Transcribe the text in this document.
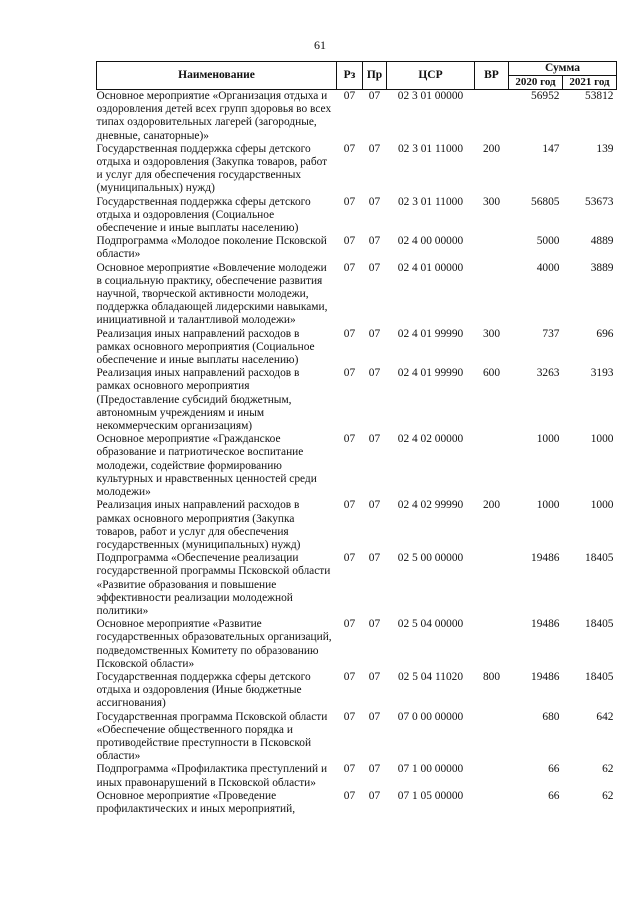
61
Наименование	Рз	Пр	ЦСР	ВР	Сумма	
					2020 год	2021 год
Основное мероприятие «Организация отдыха и оздоровления детей всех групп здоровья во всех типах оздоровительных лагерей (загородные, дневные, санаторные)»	07	07	02 3 01 00000		56952	53812
Государственная поддержка сферы детского отдыха и оздоровления (Закупка товаров, работ и услуг для обеспечения государственных (муниципальных) нужд)	07	07	02 3 01 11000	200	147	139
Государственная поддержка сферы детского отдыха и оздоровления (Социальное обеспечение и иные выплаты населению)	07	07	02 3 01 11000	300	56805	53673
Подпрограмма «Молодое поколение Псковской области»	07	07	02 4 00 00000		5000	4889
Основное мероприятие «Вовлечение молодежи в социальную практику, обеспечение развития научной, творческой активности молодежи, поддержка обладающей лидерскими навыками, инициативной и талантливой молодежи»	07	07	02 4 01 00000		4000	3889
Реализация иных направлений расходов в рамках основного мероприятия (Социальное обеспечение и иные выплаты населению)	07	07	02 4 01 99990	300	737	696
Реализация иных направлений расходов в рамках основного мероприятия (Предоставление субсидий бюджетным, автономным учреждениям и иным некоммерческим организациям)	07	07	02 4 01 99990	600	3263	3193
Основное мероприятие «Гражданское образование и патриотическое воспитание молодежи, содействие формированию культурных и нравственных ценностей среди молодежи»	07	07	02 4 02 00000		1000	1000
Реализация иных направлений расходов в рамках основного мероприятия (Закупка товаров, работ и услуг для обеспечения государственных (муниципальных) нужд)	07	07	02 4 02 99990	200	1000	1000
Подпрограмма «Обеспечение реализации государственной программы Псковской области «Развитие образования и повышение эффективности реализации молодежной политики»	07	07	02 5 00 00000		19486	18405
Основное мероприятие «Развитие государственных образовательных организаций, подведомственных Комитету по образованию Псковской области»	07	07	02 5 04 00000		19486	18405
Государственная поддержка сферы детского отдыха и оздоровления (Иные бюджетные ассигнования)	07	07	02 5 04 11020	800	19486	18405
Государственная программа Псковской области «Обеспечение общественного порядка и противодействие преступности в Псковской области»	07	07	07 0 00 00000		680	642
Подпрограмма «Профилактика преступлений и иных правонарушений в Псковской области»	07	07	07 1 00 00000		66	62
Основное мероприятие «Проведение профилактических и иных мероприятий,	07	07	07 1 05 00000		66	62
